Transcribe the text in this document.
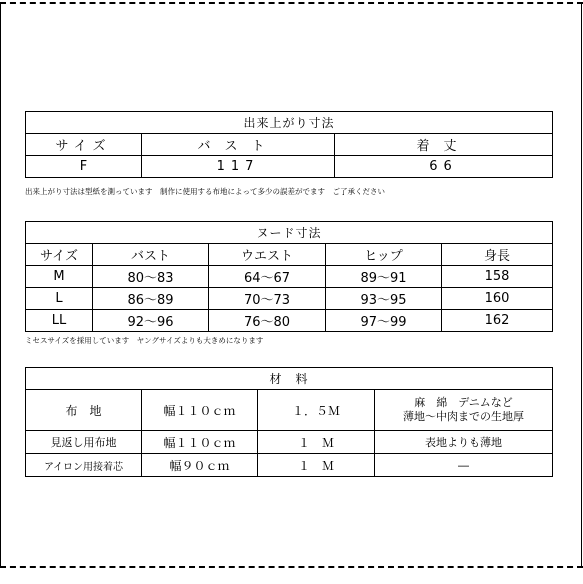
出来上がり寸法		
サイズ	バスト	着丈
F	117	66
出来上がり寸法は型紙を測っています　制作に使用する布地によって多少の誤差がでます　ご了承ください
ヌード寸法				
サイズ	バスト	ウエスト	ヒップ	身長
M	80～83	64～67	89～91	158
L	86～89	70～73	93～95	160
LL	92～96	76～80	97～99	162
ミセスサイズを採用しています　ヤングサイズよりも大きめになります
材　料			
布　地	幅１１０ｃｍ	１．５Ｍ	麻　綿　デニムなど
薄地～中肉までの生地厚

見返し用布地	幅１１０ｃｍ	１　Ｍ	表地よりも薄地
アイロン用接着芯	幅９０ｃｍ	１　Ｍ	―
